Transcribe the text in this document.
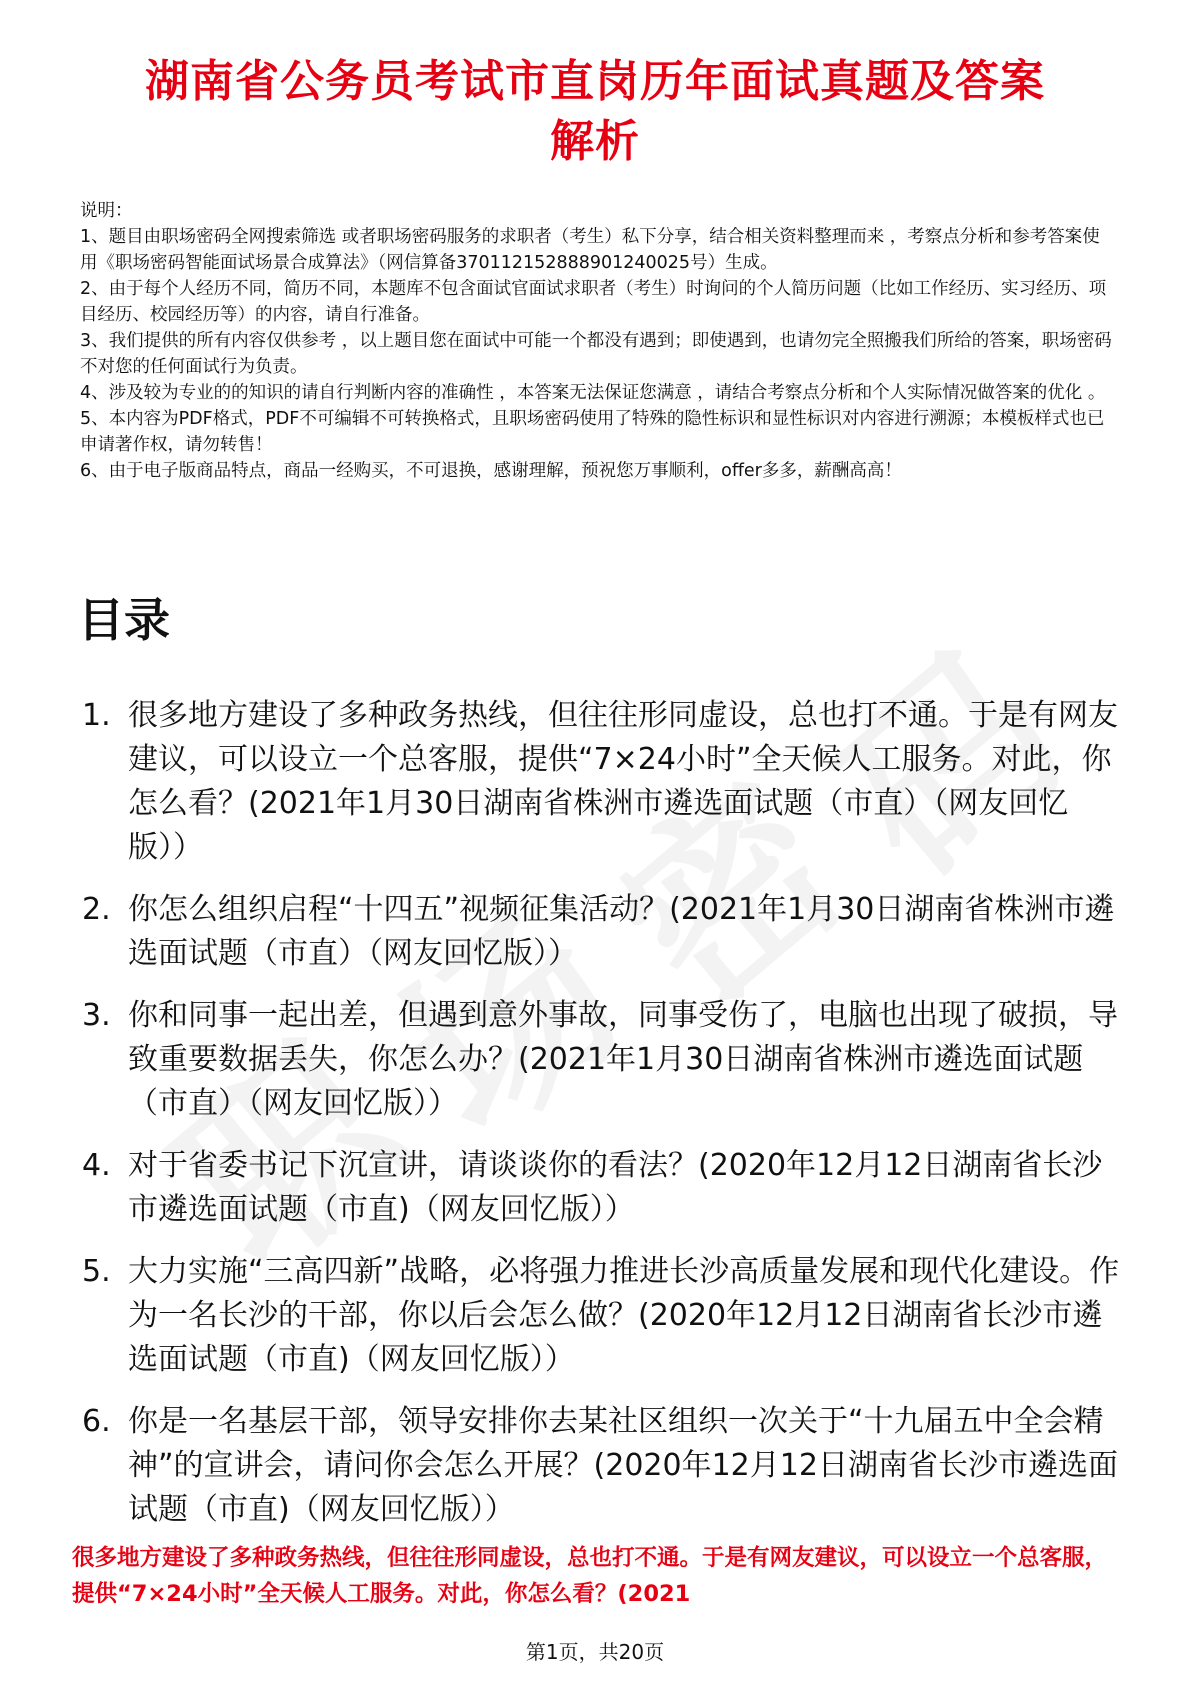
湖南省公务员考试市直岗历年面试真题及答案
解析

说明：

1、题目由职场密码全网搜索筛选 或者职场密码服务的求职者（考生）私下分享，结合相关资料整理而来 ，考察点分析和参考答案使用《职场密码智能面试场景合成算法》（网信算备370112152888901240025号）生成。

2、由于每个人经历不同，简历不同，本题库不包含面试官面试求职者（考生）时询问的个人简历问题（比如工作经历、实习经历、项目经历、校园经历等）的内容，请自行准备。

3、我们提供的所有内容仅供参考 ，以上题目您在面试中可能一个都没有遇到；即使遇到，也请勿完全照搬我们所给的答案，职场密码不对您的任何面试行为负责。

4、涉及较为专业的的知识的请自行判断内容的准确性 ，本答案无法保证您满意 ，请结合考察点分析和个人实际情况做答案的优化 。

5、本内容为PDF格式，PDF不可编辑不可转换格式，且职场密码使用了特殊的隐性标识和显性标识对内容进行溯源；本模板样式也已申请著作权，请勿转售！

6、由于电子版商品特点，商品一经购买，不可退换，感谢理解，预祝您万事顺利，offer多多，薪酬高高！

目录
1. 很多地方建设了多种政务热线，但往往形同虚设，总也打不通。于是有网友建议，可以设立一个总客服，提供“7×24小时”全天候人工服务。对此，你怎么看？(2021年1月30日湖南省株洲市遴选面试题（市直）（网友回忆版））
2. 你怎么组织启程“十四五”视频征集活动？(2021年1月30日湖南省株洲市遴选面试题（市直）（网友回忆版））
3. 你和同事一起出差，但遇到意外事故，同事受伤了，电脑也出现了破损，导致重要数据丢失，你怎么办？(2021年1月30日湖南省株洲市遴选面试题（市直）（网友回忆版））
4. 对于省委书记下沉宣讲，请谈谈你的看法？(2020年12月12日湖南省长沙市遴选面试题（市直)（网友回忆版））
5. 大力实施“三高四新”战略，必将强力推进长沙高质量发展和现代化建设。作为一名长沙的干部，你以后会怎么做？(2020年12月12日湖南省长沙市遴选面试题（市直)（网友回忆版））
6. 你是一名基层干部，领导安排你去某社区组织一次关于“十九届五中全会精神”的宣讲会，请问你会怎么开展？(2020年12月12日湖南省长沙市遴选面试题（市直)（网友回忆版））
很多地方建设了多种政务热线，但往往形同虚设，总也打不通。于是有网友建议，可以设立一个总客服，提供“7×24小时”全天候人工服务。对此，你怎么看？(2021
第1页，共20页
